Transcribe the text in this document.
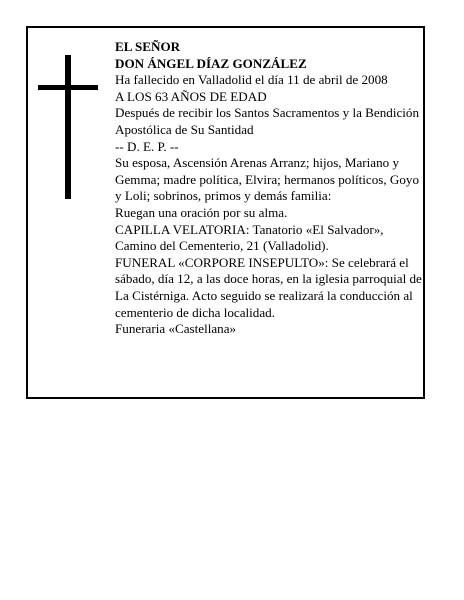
EL SEÑOR

DON ÁNGEL DÍAZ GONZÁLEZ

Ha fallecido en Valladolid el día 11 de abril de 2008

A LOS 63 AÑOS DE EDAD

Después de recibir los Santos Sacramentos y la Bendición Apostólica de Su Santidad

-- D. E. P. --

Su esposa, Ascensión Arenas Arranz; hijos, Mariano y Gemma; madre política, Elvira; hermanos políticos, Goyo y Loli; sobrinos, primos y demás familia:

Ruegan una oración por su alma.

CAPILLA VELATORIA: Tanatorio «El Salvador», Camino del Cementerio, 21 (Valladolid).

FUNERAL «CORPORE INSEPULTO»: Se celebrará el sábado, día 12, a las doce horas, en la iglesia parroquial de La Cistérniga. Acto seguido se realizará la conducción al cementerio de dicha localidad.

Funeraria «Castellana»
